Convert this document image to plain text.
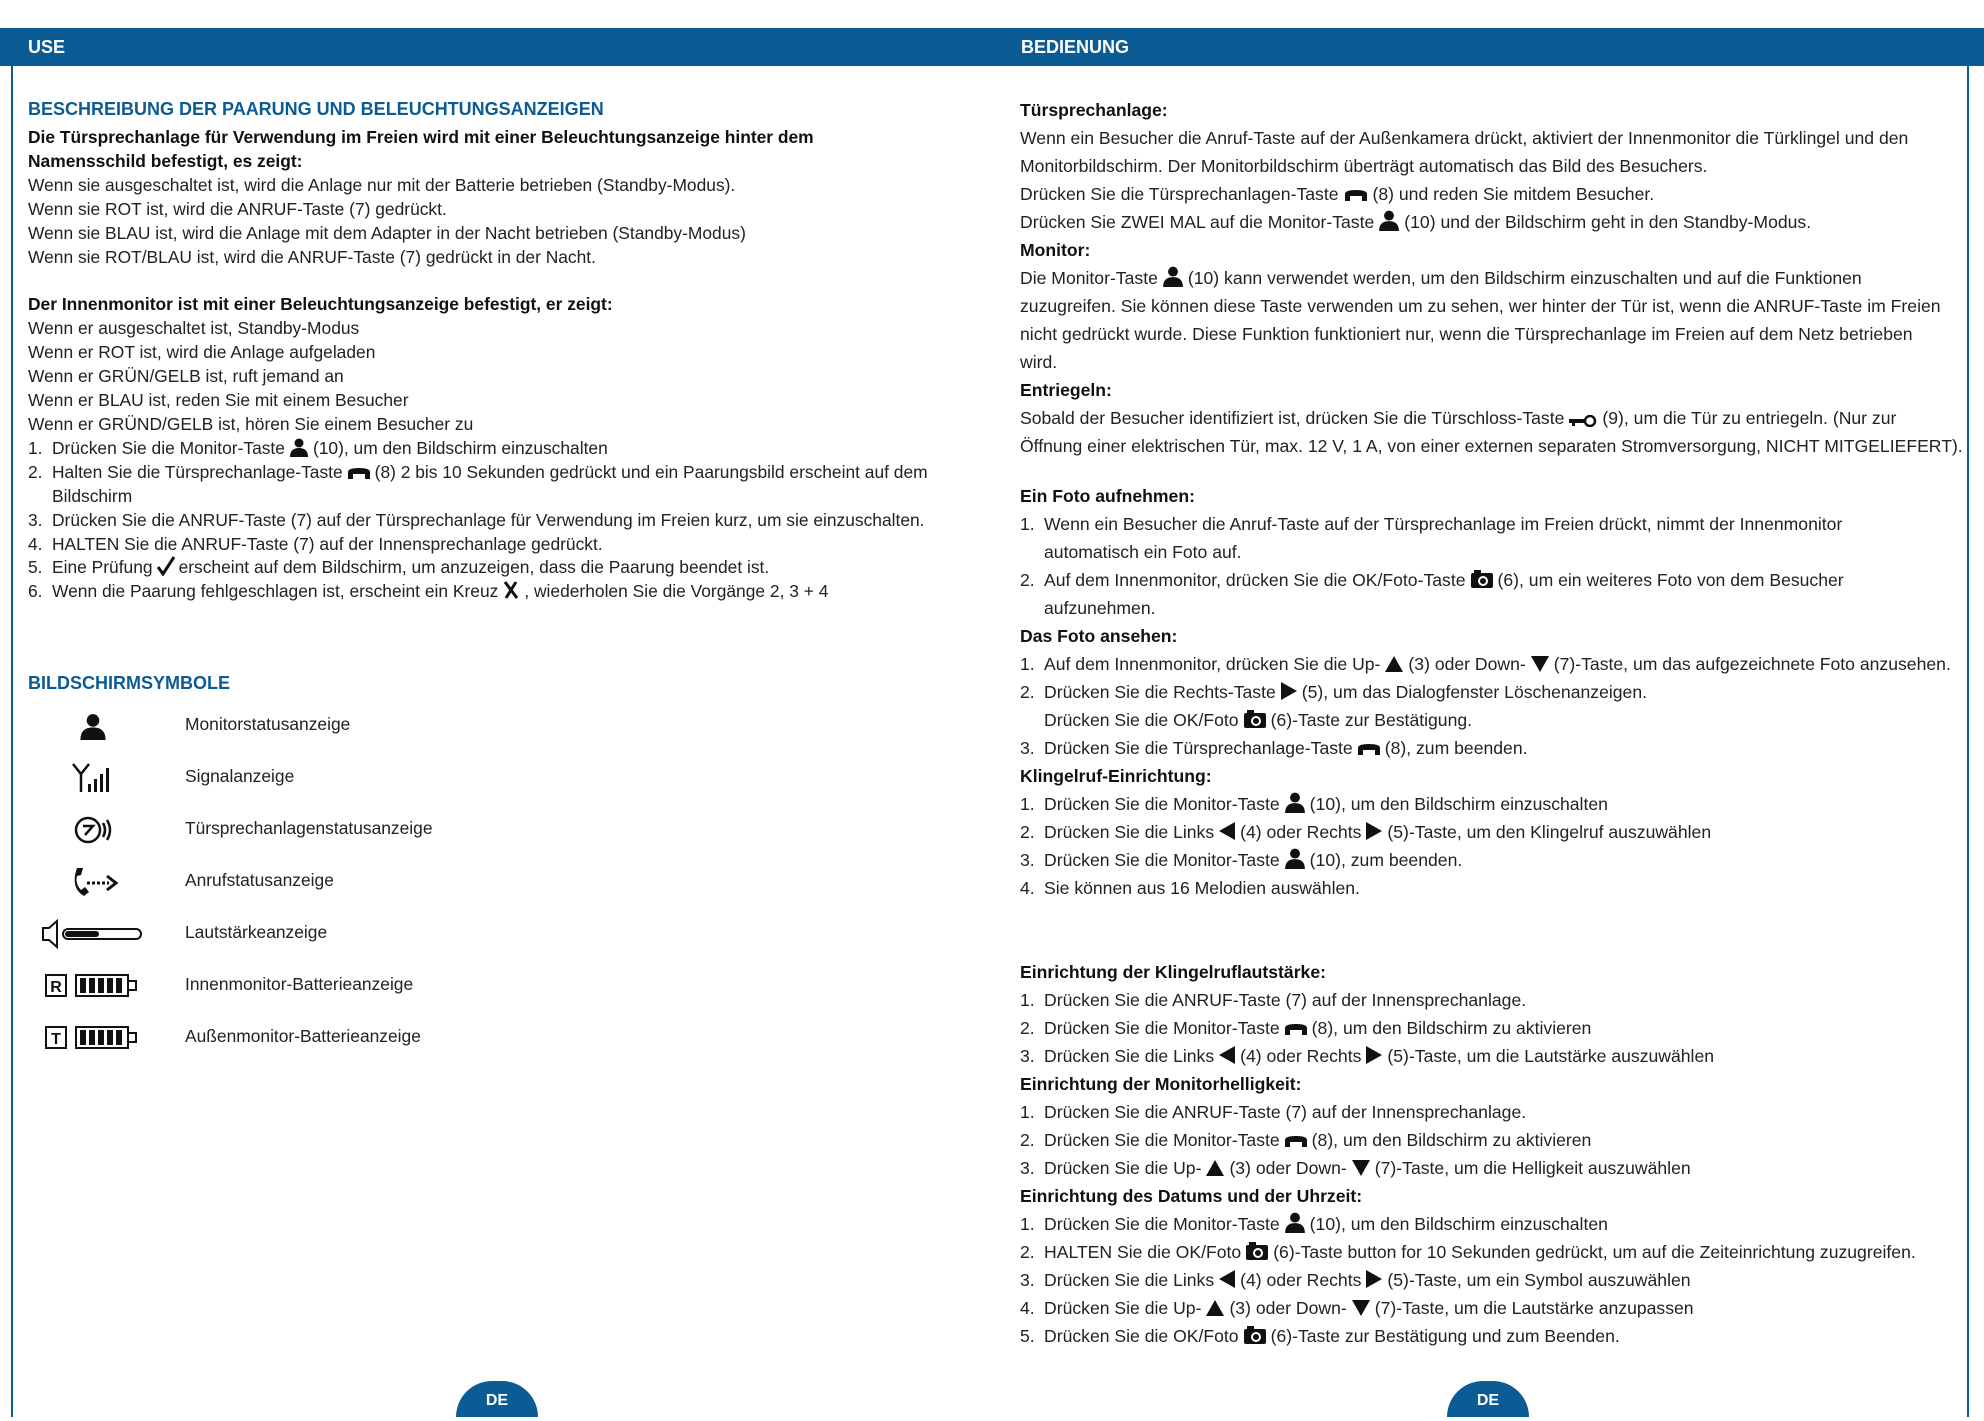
USE	BEDIENUNG
BESCHREIBUNG DER PAARUNG UND BELEUCHTUNGSANZEIGEN
Die Türsprechanlage für Verwendung im Freien wird mit einer Beleuchtungsanzeige hinter dem
Namensschild befestigt, es zeigt:
Wenn sie ausgeschaltet ist, wird die Anlage nur mit der Batterie betrieben (Standby-Modus).
Wenn sie ROT ist, wird die ANRUF-Taste (7) gedrückt.
Wenn sie BLAU ist, wird die Anlage mit dem Adapter in der Nacht betrieben (Standby-Modus)
Wenn sie ROT/BLAU ist, wird die ANRUF-Taste (7) gedrückt in der Nacht.
Der Innenmonitor ist mit einer Beleuchtungsanzeige befestigt, er zeigt:
Wenn er ausgeschaltet ist, Standby-Modus
Wenn er ROT ist, wird die Anlage aufgeladen
Wenn er GRÜN/GELB ist, ruft jemand an
Wenn er BLAU ist, reden Sie mit einem Besucher
Wenn er GRÜND/GELB ist, hören Sie einem Besucher zu
1. Drücken Sie die Monitor-Taste (10), um den Bildschirm einzuschalten
2. Halten Sie die Türsprechanlage-Taste (8) 2 bis 10 Sekunden gedrückt und ein Paarungsbild erscheint auf dem Bildschirm
3. Drücken Sie die ANRUF-Taste (7) auf der Türsprechanlage für Verwendung im Freien kurz, um sie einzuschalten.
4. HALTEN Sie die ANRUF-Taste (7) auf der Innensprechanlage gedrückt.
5. Eine Prüfung erscheint auf dem Bildschirm, um anzuzeigen, dass die Paarung beendet ist.
6. Wenn die Paarung fehlgeschlagen ist, erscheint ein Kreuz , wiederholen Sie die Vorgänge 2, 3 + 4
BILDSCHIRMSYMBOLE
Monitorstatusanzeige
Signalanzeige
Türsprechanlagenstatusanzeige
Anrufstatusanzeige
Lautstärkeanzeige
R	Innenmonitor-Batterieanzeige
T	Außenmonitor-Batterieanzeige
Türsprechanlage:
Wenn ein Besucher die Anruf-Taste auf der Außenkamera drückt, aktiviert der Innenmonitor die Türklingel und den
Monitorbildschirm. Der Monitorbildschirm überträgt automatisch das Bild des Besuchers.
Drücken Sie die Türsprechanlagen-Taste (8) und reden Sie mitdem Besucher.
Drücken Sie ZWEI MAL auf die Monitor-Taste (10) und der Bildschirm geht in den Standby-Modus.
Monitor:
Die Monitor-Taste (10) kann verwendet werden, um den Bildschirm einzuschalten und auf die Funktionen
zuzugreifen. Sie können diese Taste verwenden um zu sehen, wer hinter der Tür ist, wenn die ANRUF-Taste im Freien
nicht gedrückt wurde. Diese Funktion funktioniert nur, wenn die Türsprechanlage im Freien auf dem Netz betrieben
wird.
Entriegeln:
Sobald der Besucher identifiziert ist, drücken Sie die Türschloss-Taste (9), um die Tür zu entriegeln. (Nur zur
Öffnung einer elektrischen Tür, max. 12 V, 1 A, von einer externen separaten Stromversorgung, NICHT MITGELIEFERT).
Ein Foto aufnehmen:
1. Wenn ein Besucher die Anruf-Taste auf der Türsprechanlage im Freien drückt, nimmt der Innenmonitor
automatisch ein Foto auf.
2. Auf dem Innenmonitor, drücken Sie die OK/Foto-Taste (6), um ein weiteres Foto von dem Besucher
aufzunehmen.
Das Foto ansehen:
1. Auf dem Innenmonitor, drücken Sie die Up- (3) oder Down- (7)-Taste, um das aufgezeichnete Foto anzusehen.
2. Drücken Sie die Rechts-Taste (5), um das Dialogfenster Löschenanzeigen.
Drücken Sie die OK/Foto (6)-Taste zur Bestätigung.
3. Drücken Sie die Türsprechanlage-Taste (8), zum beenden.
Klingelruf-Einrichtung:
1. Drücken Sie die Monitor-Taste (10), um den Bildschirm einzuschalten
2. Drücken Sie die Links (4) oder Rechts (5)-Taste, um den Klingelruf auszuwählen
3. Drücken Sie die Monitor-Taste (10), zum beenden.
4. Sie können aus 16 Melodien auswählen.
Einrichtung der Klingelruflautstärke:
1. Drücken Sie die ANRUF-Taste (7) auf der Innensprechanlage.
2. Drücken Sie die Monitor-Taste (8), um den Bildschirm zu aktivieren
3. Drücken Sie die Links (4) oder Rechts (5)-Taste, um die Lautstärke auszuwählen
Einrichtung der Monitorhelligkeit:
1. Drücken Sie die ANRUF-Taste (7) auf der Innensprechanlage.
2. Drücken Sie die Monitor-Taste (8), um den Bildschirm zu aktivieren
3. Drücken Sie die Up- (3) oder Down- (7)-Taste, um die Helligkeit auszuwählen
Einrichtung des Datums und der Uhrzeit:
1. Drücken Sie die Monitor-Taste (10), um den Bildschirm einzuschalten
2. HALTEN Sie die OK/Foto (6)-Taste button for 10 Sekunden gedrückt, um auf die Zeiteinrichtung zuzugreifen.
3. Drücken Sie die Links (4) oder Rechts (5)-Taste, um ein Symbol auszuwählen
4. Drücken Sie die Up- (3) oder Down- (7)-Taste, um die Lautstärke anzupassen
5. Drücken Sie die OK/Foto (6)-Taste zur Bestätigung und zum Beenden.
DE	DE
